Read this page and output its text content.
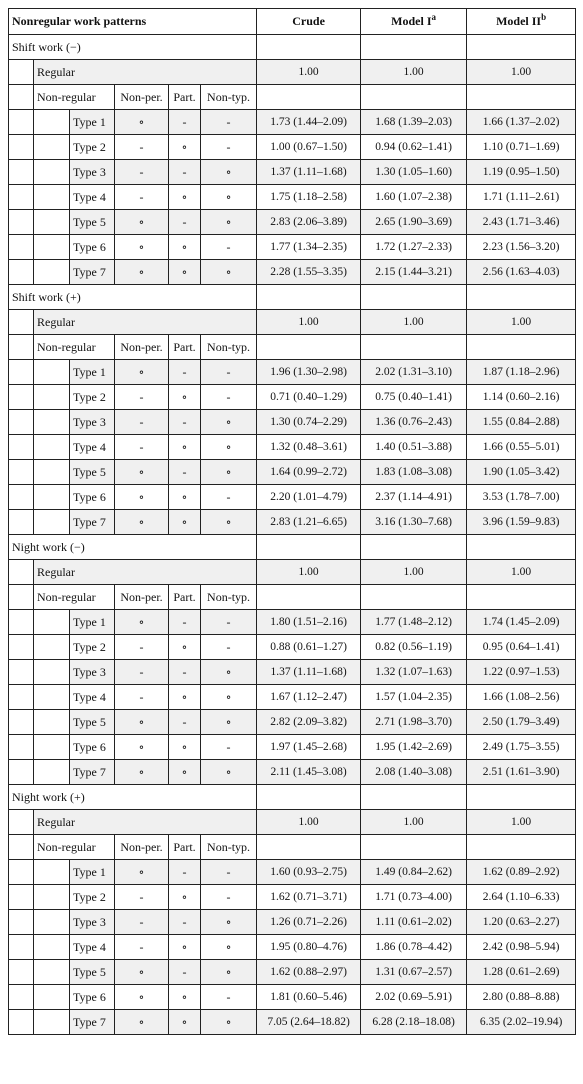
Nonregular work patterns						Crude	Model $I^a$	Model $II^b$
Shift work (−)								
	Regular					1.00	1.00	1.00
	Non-regular		Non-per.	Part.	Non-typ.			
		Type 1	∘	-	-	1.73 (1.44–2.09)	1.68 (1.39–2.03)	1.66 (1.37–2.02)
		Type 2	-	∘	-	1.00 (0.67–1.50)	0.94 (0.62–1.41)	1.10 (0.71–1.69)
		Type 3	-	-	∘	1.37 (1.11–1.68)	1.30 (1.05–1.60)	1.19 (0.95–1.50)
		Type 4	-	∘	∘	1.75 (1.18–2.58)	1.60 (1.07–2.38)	1.71 (1.11–2.61)
		Type 5	∘	-	∘	2.83 (2.06–3.89)	2.65 (1.90–3.69)	2.43 (1.71–3.46)
		Type 6	∘	∘	-	1.77 (1.34–2.35)	1.72 (1.27–2.33)	2.23 (1.56–3.20)
		Type 7	∘	∘	∘	2.28 (1.55–3.35)	2.15 (1.44–3.21)	2.56 (1.63–4.03)
Shift work (+)								
	Regular					1.00	1.00	1.00
	Non-regular		Non-per.	Part.	Non-typ.			
		Type 1	∘	-	-	1.96 (1.30–2.98)	2.02 (1.31–3.10)	1.87 (1.18–2.96)
		Type 2	-	∘	-	0.71 (0.40–1.29)	0.75 (0.40–1.41)	1.14 (0.60–2.16)
		Type 3	-	-	∘	1.30 (0.74–2.29)	1.36 (0.76–2.43)	1.55 (0.84–2.88)
		Type 4	-	∘	∘	1.32 (0.48–3.61)	1.40 (0.51–3.88)	1.66 (0.55–5.01)
		Type 5	∘	-	∘	1.64 (0.99–2.72)	1.83 (1.08–3.08)	1.90 (1.05–3.42)
		Type 6	∘	∘	-	2.20 (1.01–4.79)	2.37 (1.14–4.91)	3.53 (1.78–7.00)
		Type 7	∘	∘	∘	2.83 (1.21–6.65)	3.16 (1.30–7.68)	3.96 (1.59–9.83)
Night work (−)								
	Regular					1.00	1.00	1.00
	Non-regular		Non-per.	Part.	Non-typ.			
		Type 1	∘	-	-	1.80 (1.51–2.16)	1.77 (1.48–2.12)	1.74 (1.45–2.09)
		Type 2	-	∘	-	0.88 (0.61–1.27)	0.82 (0.56–1.19)	0.95 (0.64–1.41)
		Type 3	-	-	∘	1.37 (1.11–1.68)	1.32 (1.07–1.63)	1.22 (0.97–1.53)
		Type 4	-	∘	∘	1.67 (1.12–2.47)	1.57 (1.04–2.35)	1.66 (1.08–2.56)
		Type 5	∘	-	∘	2.82 (2.09–3.82)	2.71 (1.98–3.70)	2.50 (1.79–3.49)
		Type 6	∘	∘	-	1.97 (1.45–2.68)	1.95 (1.42–2.69)	2.49 (1.75–3.55)
		Type 7	∘	∘	∘	2.11 (1.45–3.08)	2.08 (1.40–3.08)	2.51 (1.61–3.90)
Night work (+)								
	Regular					1.00	1.00	1.00
	Non-regular		Non-per.	Part.	Non-typ.			
		Type 1	∘	-	-	1.60 (0.93–2.75)	1.49 (0.84–2.62)	1.62 (0.89–2.92)
		Type 2	-	∘	-	1.62 (0.71–3.71)	1.71 (0.73–4.00)	2.64 (1.10–6.33)
		Type 3	-	-	∘	1.26 (0.71–2.26)	1.11 (0.61–2.02)	1.20 (0.63–2.27)
		Type 4	-	∘	∘	1.95 (0.80–4.76)	1.86 (0.78–4.42)	2.42 (0.98–5.94)
		Type 5	∘	-	∘	1.62 (0.88–2.97)	1.31 (0.67–2.57)	1.28 (0.61–2.69)
		Type 6	∘	∘	-	1.81 (0.60–5.46)	2.02 (0.69–5.91)	2.80 (0.88–8.88)
		Type 7	∘	∘	∘	7.05 (2.64–18.82)	6.28 (2.18–18.08)	6.35 (2.02–19.94)
